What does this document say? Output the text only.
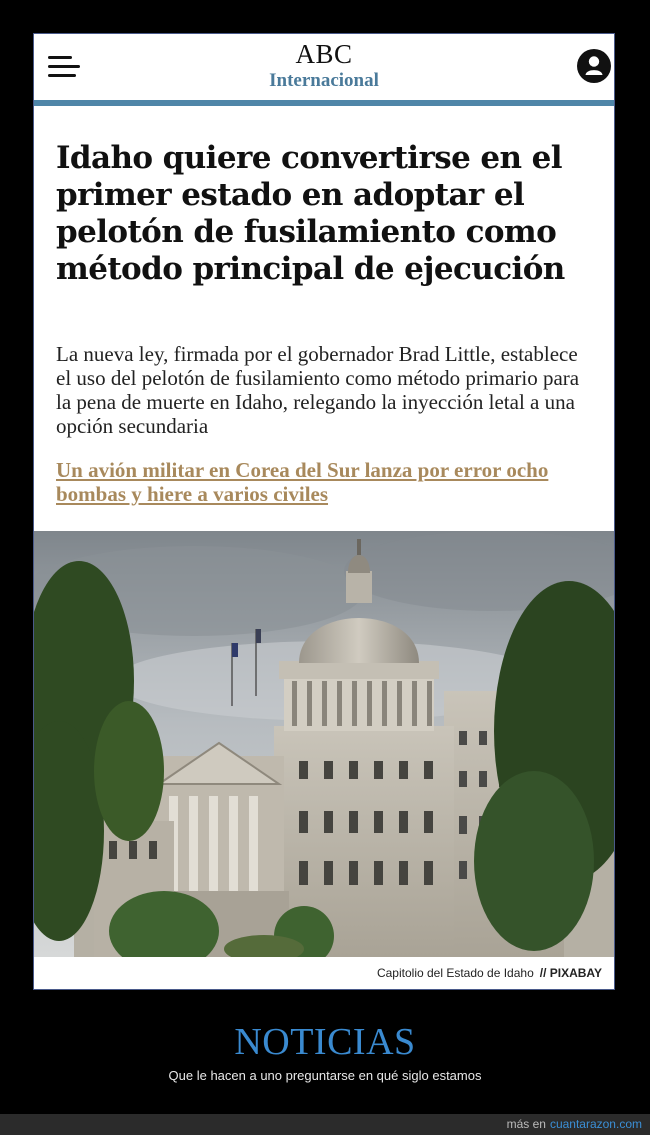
ABC
Internacional
Idaho quiere convertirse en el primer estado en adoptar el pelotón de fusilamiento como método principal de ejecución

La nueva ley, firmada por el gobernador Brad Little, establece el uso del pelotón de fusilamiento como método primario para la pena de muerte en Idaho, relegando la inyección letal a una opción secundaria

Un avión militar en Corea del Sur lanza por error ocho bombas y hiere a varios civiles
Capitolio del Estado de Idaho // PIXABAY
NOTICIAS
Que le hacen a uno preguntarse en qué siglo estamos
más en cuantarazon.com
